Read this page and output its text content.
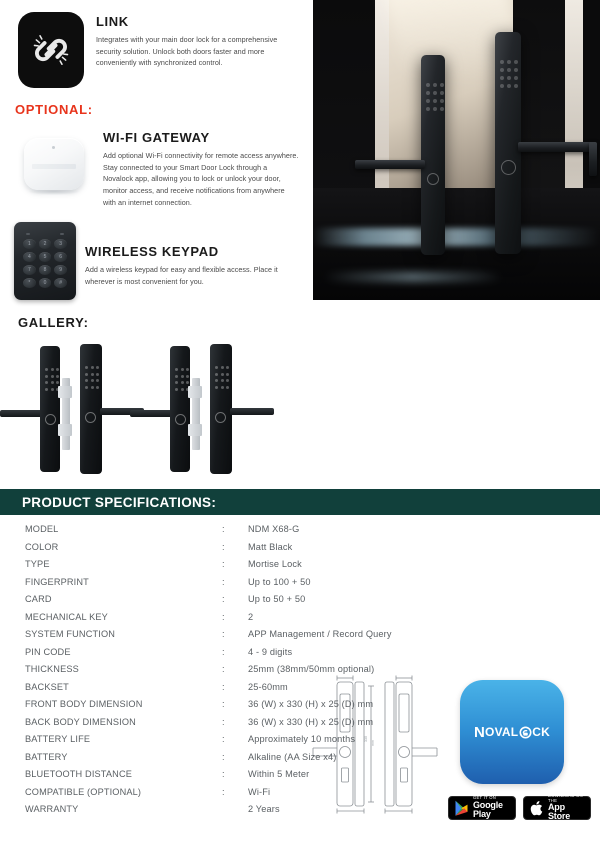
LINK
Integrates with your main door lock for a comprehensive security solution. Unlock both doors faster and more conveniently with synchronized control.
OPTIONAL:
WI-FI GATEWAY
Add optional Wi-Fi connectivity for remote access anywhere. Stay connected to your Smart Door Lock through a Novalock app, allowing you to lock or unlock your door, monitor access, and receive notifications from anywhere with an internet connection.
1	2	3
4	5	6
7	8	9
*	0	#
WIRELESS KEYPAD
Add a wireless keypad for easy and flexible access. Place it wherever is most convenient for you.
GALLERY:
330
mm
N OVAL CK
GET IT ON
Google Play
DOWNLOAD ON THE
App Store
PRODUCT SPECIFICATIONS:
MODEL	:	NDM X68-G
COLOR	:	Matt Black
TYPE	:	Mortise Lock
FINGERPRINT	:	Up to 100 + 50
CARD	:	Up to 50 + 50
MECHANICAL KEY	:	2
SYSTEM FUNCTION	:	APP Management / Record Query
PIN CODE	:	4 - 9 digits
THICKNESS	:	25mm (38mm/50mm optional)
BACKSET	:	25-60mm
FRONT BODY DIMENSION	:	36 (W) x 330 (H) x 25 (D) mm
BACK BODY DIMENSION	:	36 (W) x 330 (H) x 25 (D) mm
BATTERY LIFE	:	Approximately 10 months
BATTERY	:	Alkaline (AA Size x4)
BLUETOOTH DISTANCE	:	Within 5 Meter
COMPATIBLE (OPTIONAL)	:	Wi-Fi
WARRANTY	2 Years
